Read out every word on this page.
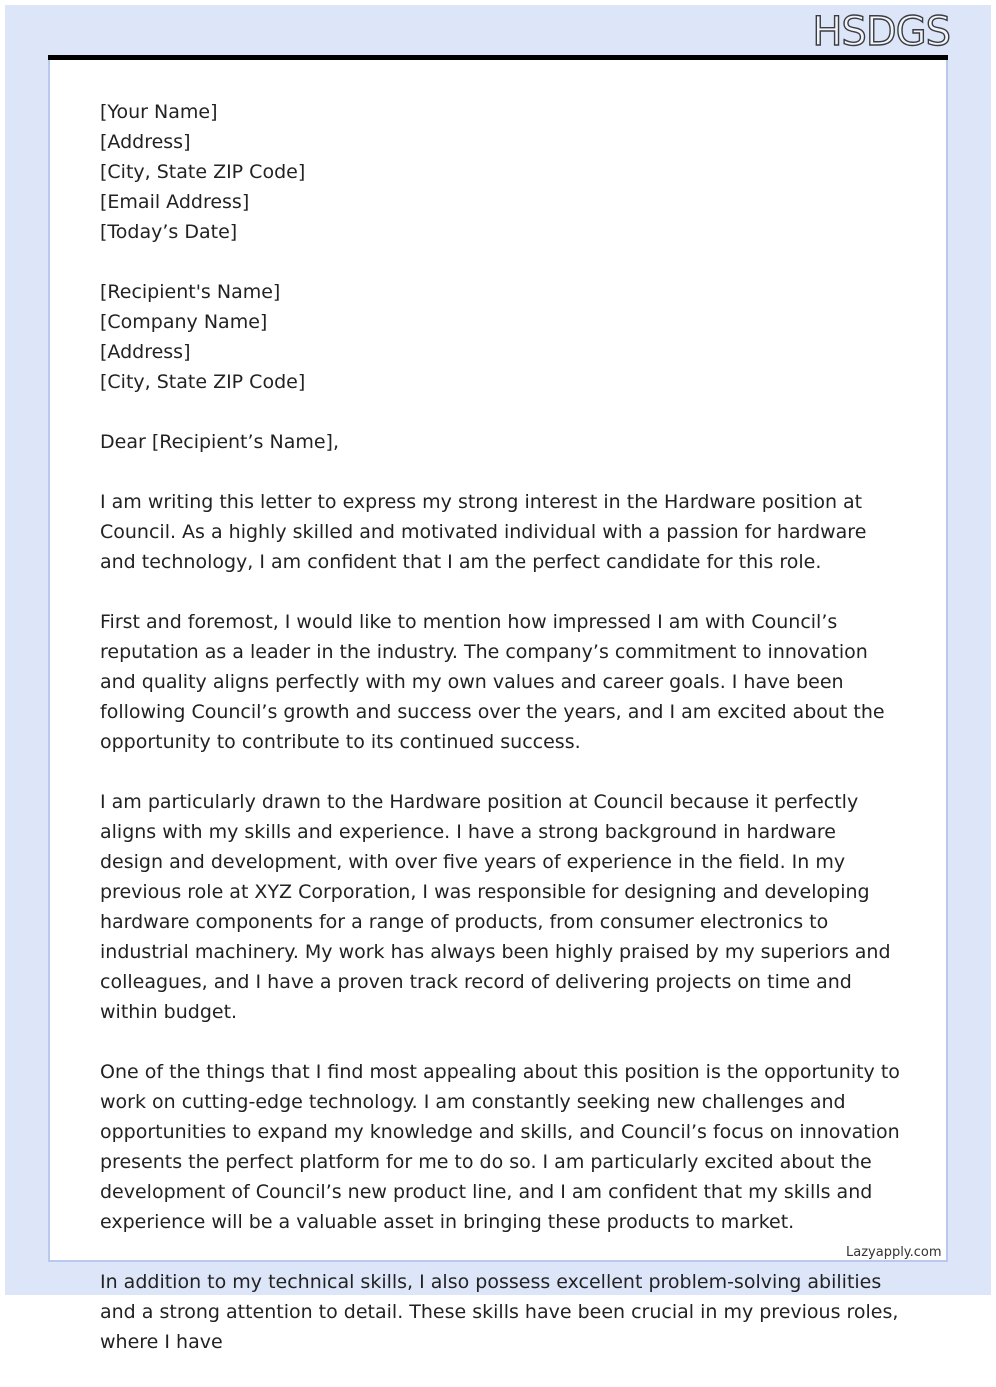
HSDGS
[Your Name]
[Address]
[City, State ZIP Code]
[Email Address]
[Today’s Date]
[Recipient's Name]
[Company Name]
[Address]
[City, State ZIP Code]
Dear [Recipient’s Name],

I am writing this letter to express my strong interest in the Hardware position at Council. As a highly skilled and motivated individual with a passion for hardware and technology, I am confident that I am the perfect candidate for this role.

First and foremost, I would like to mention how impressed I am with Council’s reputation as a leader in the industry. The company’s commitment to innovation and quality aligns perfectly with my own values and career goals. I have been following Council’s growth and success over the years, and I am excited about the opportunity to contribute to its continued success.

I am particularly drawn to the Hardware position at Council because it perfectly aligns with my skills and experience. I have a strong background in hardware design and development, with over five years of experience in the field. In my previous role at XYZ Corporation, I was responsible for designing and developing hardware components for a range of products, from consumer electronics to industrial machinery. My work has always been highly praised by my superiors and colleagues, and I have a proven track record of delivering projects on time and within budget.

One of the things that I find most appealing about this position is the opportunity to work on cutting-edge technology. I am constantly seeking new challenges and opportunities to expand my knowledge and skills, and Council’s focus on innovation presents the perfect platform for me to do so. I am particularly excited about the development of Council’s new product line, and I am confident that my skills and experience will be a valuable asset in bringing these products to market.

In addition to my technical skills, I also possess excellent problem-solving abilities and a strong attention to detail. These skills have been crucial in my previous roles, where I have

Lazyapply.com
